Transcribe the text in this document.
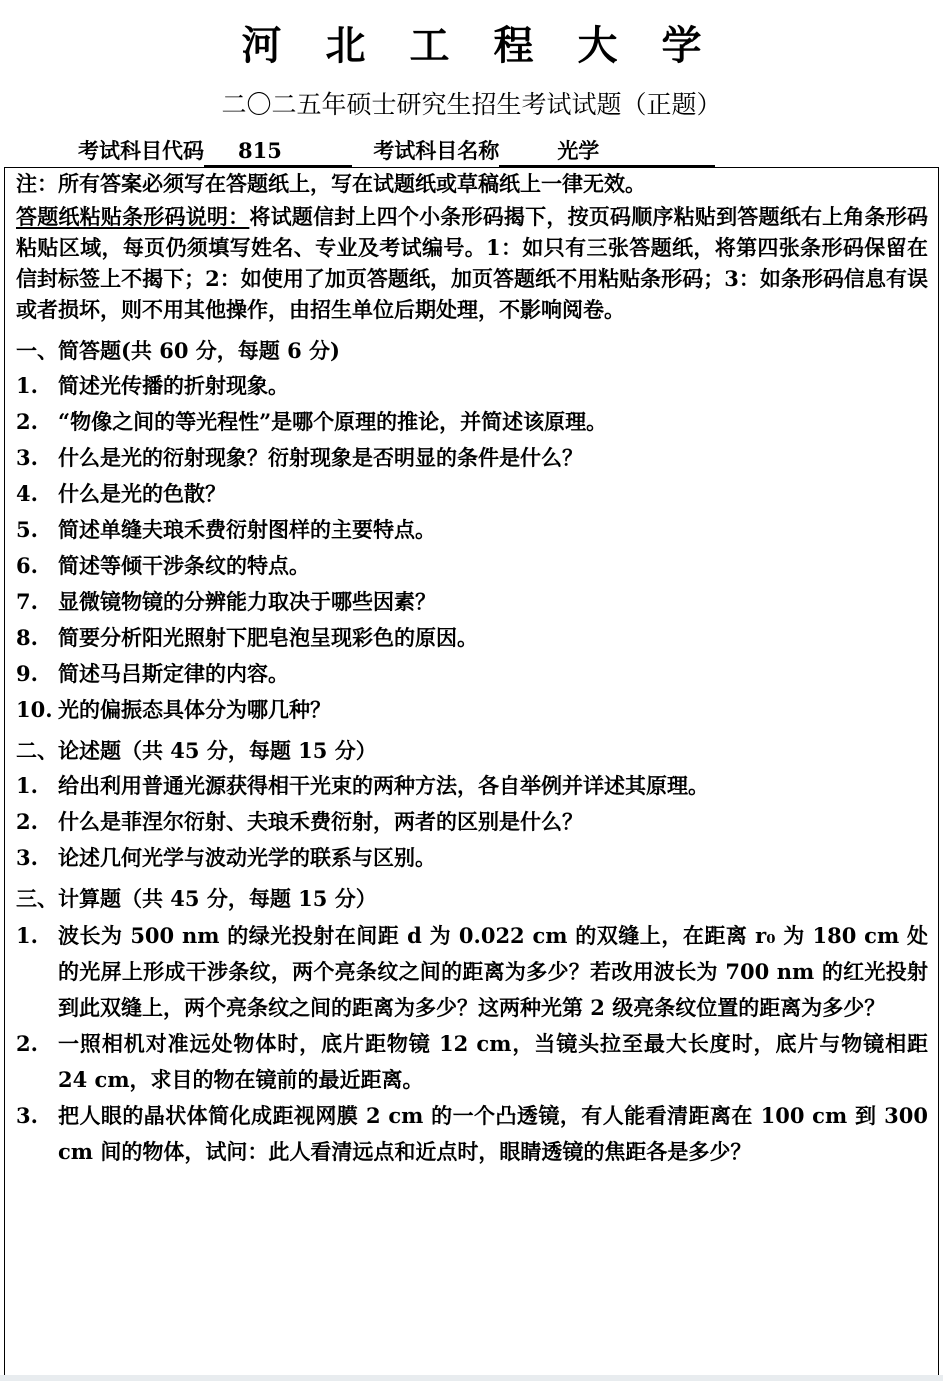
河北工程大学
二〇二五年硕士研究生招生考试试题（正题）
考试科目代码 815	考试科目名称	光学

注：所有答案必须写在答题纸上，写在试题纸或草稿纸上一律无效。

答题纸粘贴条形码说明：将试题信封上四个小条形码揭下，按页码顺序粘贴到答题纸右上角条形码粘贴区域，每页仍须填写姓名、专业及考试编号。1：如只有三张答题纸，将第四张条形码保留在信封标签上不揭下；2：如使用了加页答题纸，加页答题纸不用粘贴条形码；3：如条形码信息有误或者损坏，则不用其他操作，由招生单位后期处理，不影响阅卷。

一、简答题(共 60 分，每题 6 分)
1. 简述光传播的折射现象。
2. “物像之间的等光程性”是哪个原理的推论，并简述该原理。
3. 什么是光的衍射现象？衍射现象是否明显的条件是什么？
4. 什么是光的色散？
5. 简述单缝夫琅禾费衍射图样的主要特点。
6. 简述等倾干涉条纹的特点。
7. 显微镜物镜的分辨能力取决于哪些因素？
8. 简要分析阳光照射下肥皂泡呈现彩色的原因。
9. 简述马吕斯定律的内容。
10. 光的偏振态具体分为哪几种？
二、论述题（共 45 分，每题 15 分）
1. 给出利用普通光源获得相干光束的两种方法，各自举例并详述其原理。
2. 什么是菲涅尔衍射、夫琅禾费衍射，两者的区别是什么？
3. 论述几何光学与波动光学的联系与区别。
三、计算题（共 45 分，每题 15 分）
1. 波长为 500 nm 的绿光投射在间距 d 为 0.022 cm 的双缝上，在距离 r₀ 为 180 cm 处的光屏上形成干涉条纹，两个亮条纹之间的距离为多少？若改用波长为 700 nm 的红光投射到此双缝上，两个亮条纹之间的距离为多少？这两种光第 2 级亮条纹位置的距离为多少？
2. 一照相机对准远处物体时，底片距物镜 12 cm，当镜头拉至最大长度时，底片与物镜相距 24 cm，求目的物在镜前的最近距离。
3. 把人眼的晶状体简化成距视网膜 2 cm 的一个凸透镜，有人能看清距离在 100 cm 到 300 cm 间的物体，试问：此人看清远点和近点时，眼睛透镜的焦距各是多少？
